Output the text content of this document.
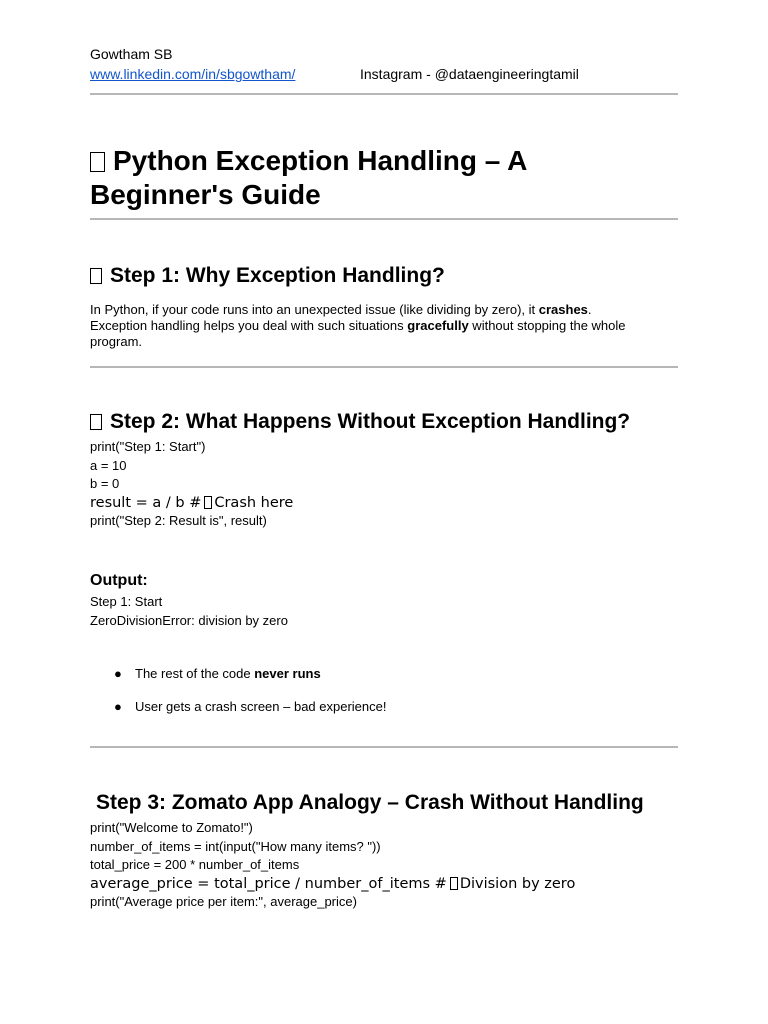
Gowtham SB
www.linkedin.com/in/sbgowtham/	Instagram - @dataengineeringtamil
Python Exception Handling – A
Beginner's Guide
Step 1: Why Exception Handling?
In Python, if your code runs into an unexpected issue (like dividing by zero), it crashes.
Exception handling helps you deal with such situations gracefully without stopping the whole
program.
Step 2: What Happens Without Exception Handling?
print("Step 1: Start")
a = 10
b = 0
result = a / b # Crash here
print("Step 2: Result is", result)
Output:
Step 1: Start
ZeroDivisionError: division by zero
● The rest of the code never runs
● User gets a crash screen – bad experience!
Step 3: Zomato App Analogy – Crash Without Handling
print("Welcome to Zomato!")
number_of_items = int(input("How many items? "))
total_price = 200 * number_of_items
average_price = total_price / number_of_items # Division by zero
print("Average price per item:", average_price)
